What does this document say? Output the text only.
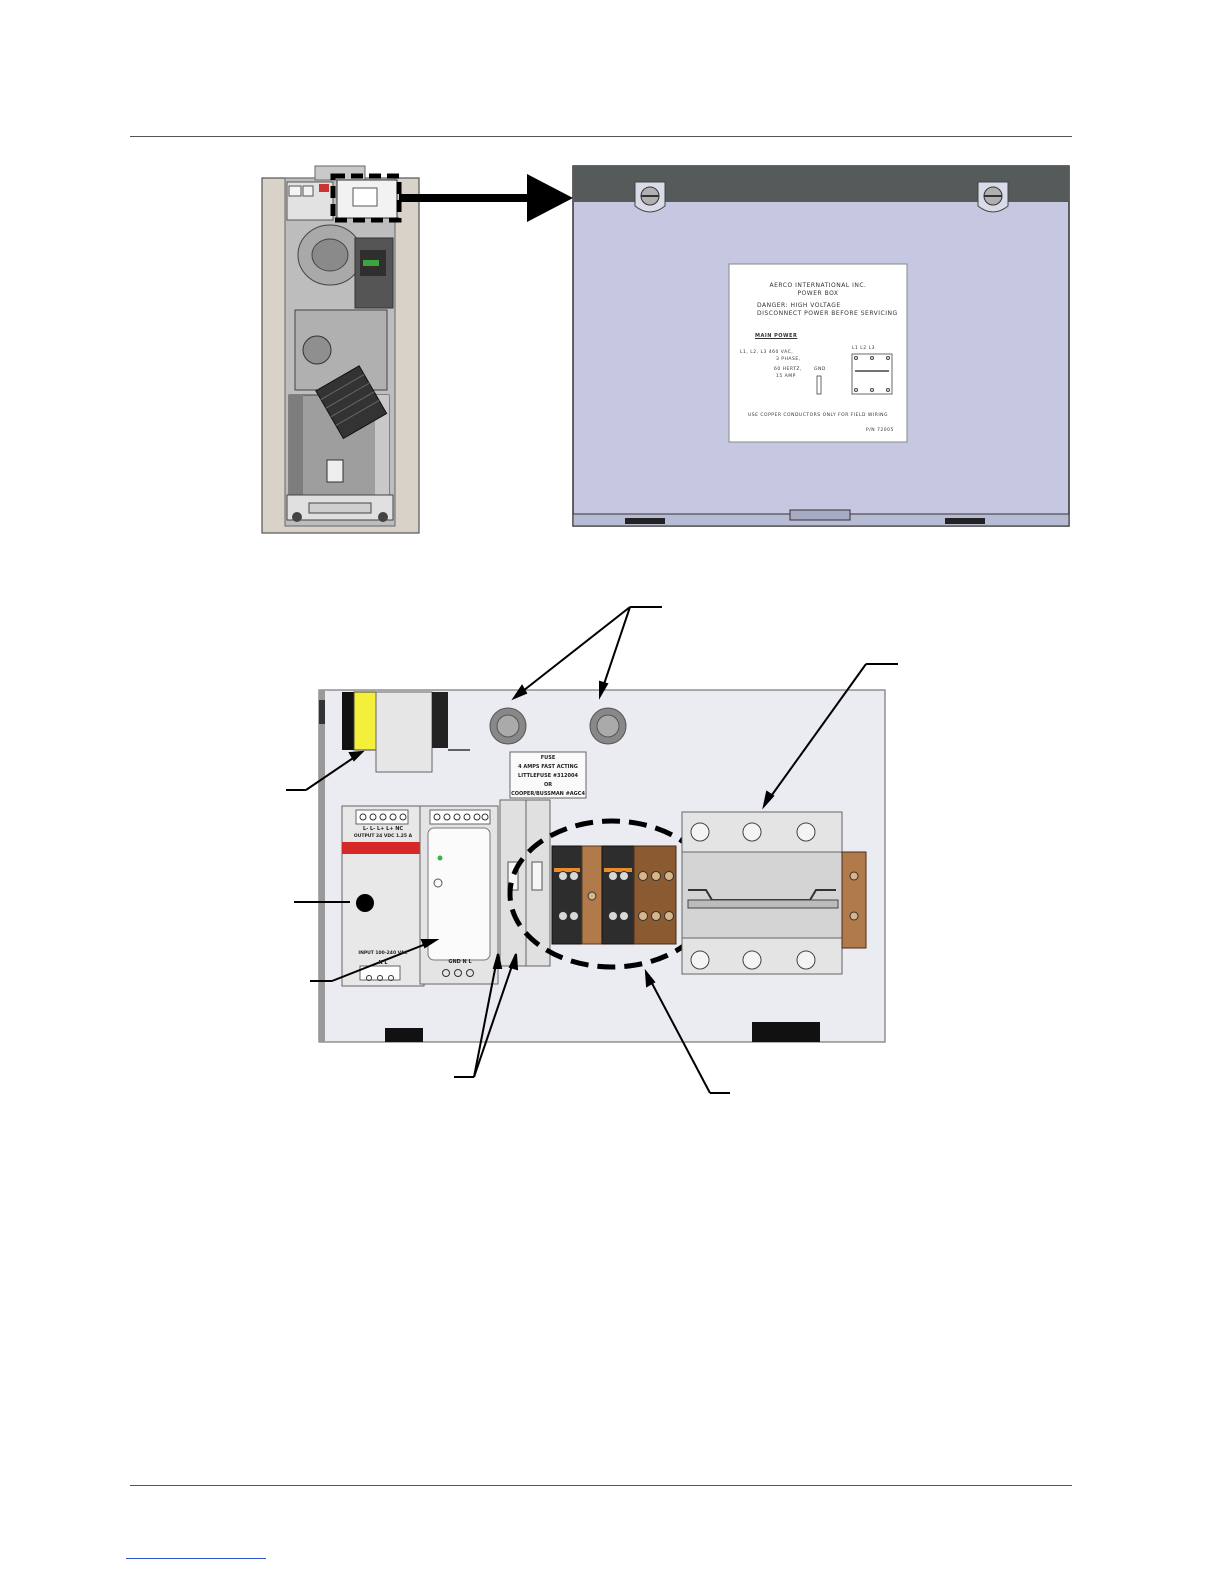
AERCO INTERNATIONAL INC.
POWER BOX
DANGER: HIGH VOLTAGE
DISCONNECT POWER BEFORE SERVICING
MAIN POWER
L1, L2, L3 460 VAC,
3 PHASE,
60 HERTZ,
15 AMP
GND
L1 L2 L3
USE COPPER CONDUCTORS ONLY FOR FIELD WIRING
P/N 72005
FUSE
4 AMPS FAST ACTING
LITTLEFUSE #312004
OR
COOPER/BUSSMAN #AGC4
L- L- L+ L+ NC
OUTPUT 24 VDC 1.25 A
INPUT 100-240 VAC
N L	GND N L
